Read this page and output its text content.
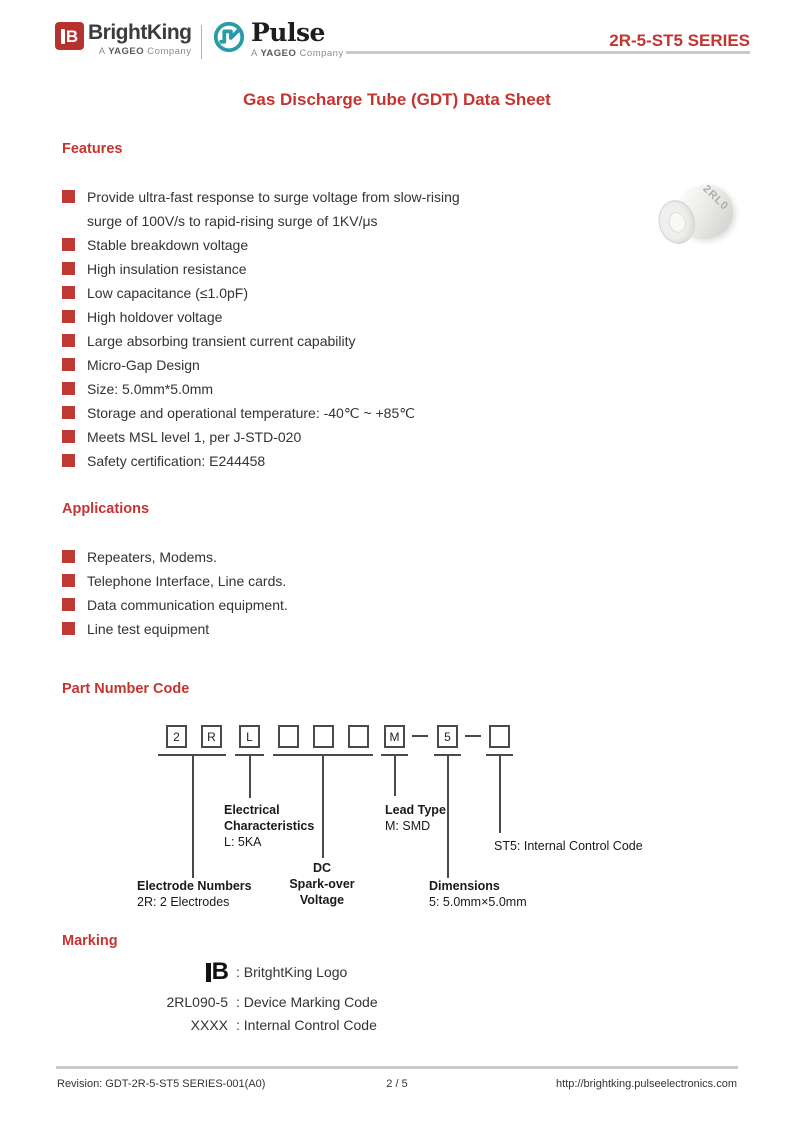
B BrightKing
A YAGEO Company
Pulse
A YAGEO Company
2R-5-ST5 SERIES
Gas Discharge Tube (GDT) Data Sheet
Features
Provide ultra-fast response to surge voltage from slow-rising
surge of 100V/s to rapid-rising surge of 1KV/μs
Stable breakdown voltage
High insulation resistance
Low capacitance (≤1.0pF)
High holdover voltage
Large absorbing transient current capability
Micro-Gap Design
Size: 5.0mm*5.0mm
Storage and operational temperature: -40℃ ~ +85℃
Meets MSL level 1, per J-STD-020
Safety certification: E244458
2RL0
Applications
Repeaters, Modems.
Telephone Interface, Line cards.
Data communication equipment.
Line test equipment
Part Number Code
2	R	L	M	5
Electrical
Characteristics
L: 5KA
Lead Type
M: SMD
ST5: Internal Control Code
DC
Spark-over
Voltage
Electrode Numbers
2R: 2 Electrodes
Dimensions
5: 5.0mm×5.0mm
Marking
B : BritghtKing Logo
2RL090-5 : Device Marking Code
XXXX : Internal Control Code
Revision: GDT-2R-5-ST5 SERIES-001(A0)	2 / 5	http://brightking.pulseelectronics.com
